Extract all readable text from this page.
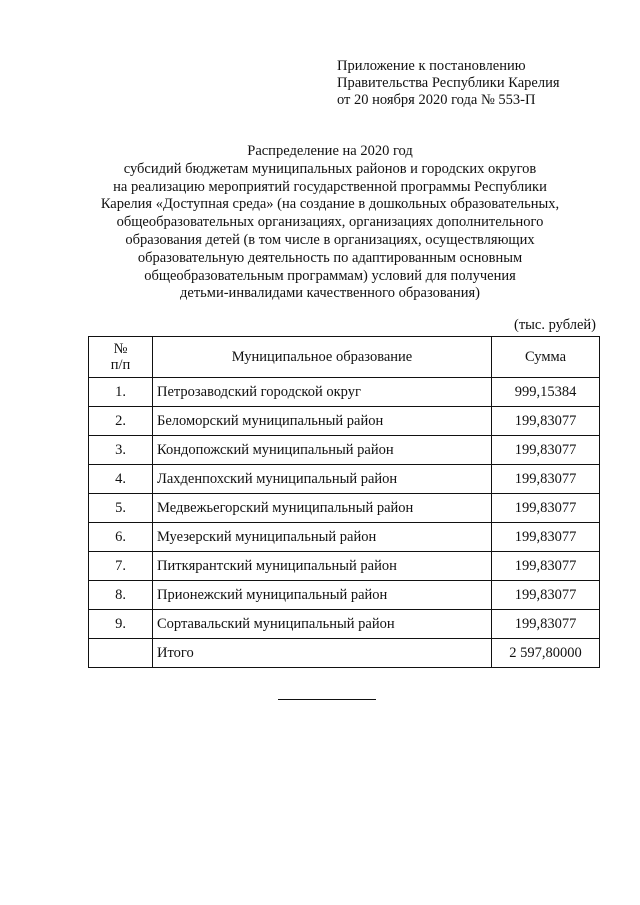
Приложение к постановлению
Правительства Республики Карелия
от 20 ноября 2020 года № 553-П
Распределение на 2020 год
субсидий бюджетам муниципальных районов и городских округов
на реализацию мероприятий государственной программы Республики
Карелия «Доступная среда» (на создание в дошкольных образовательных,
общеобразовательных организациях, организациях дополнительного
образования детей (в том числе в организациях, осуществляющих
образовательную деятельность по адаптированным основным
общеобразовательным программам) условий для получения
детьми-инвалидами качественного образования)
(тыс. рублей)
№
п/п	Муниципальное образование	Сумма
1.	Петрозаводский городской округ	999,15384
2.	Беломорский муниципальный район	199,83077
3.	Кондопожский муниципальный район	199,83077
4.	Лахденпохский муниципальный район	199,83077
5.	Медвежьегорский муниципальный район	199,83077
6.	Муезерский муниципальный район	199,83077
7.	Питкярантский муниципальный район	199,83077
8.	Прионежский муниципальный район	199,83077
9.	Сортавальский муниципальный район	199,83077
	Итого	2 597,80000
